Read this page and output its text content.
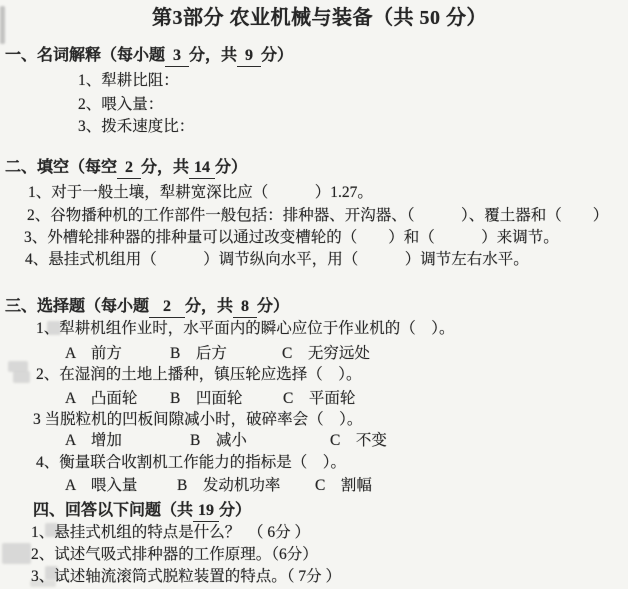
第3部分 农业机械与装备（共 50 分）
一、名词解释（每小题 3 分，共 9 分）
1、犁耕比阻：
2、喂入量：
3、拨禾速度比：
二、填空（每空 2 分，共 14 分）
1、对于一般土壤，犁耕宽深比应（　　　）1.27。
2、谷物播种机的工作部件一般包括：排种器、开沟器、（　　　）、覆土器和（　　）
3、外槽轮排种器的排种量可以通过改变槽轮的（　　）和（　　　）来调节。
4、悬挂式机组用（　　　）调节纵向水平，用（　　　）调节左右水平。
三、选择题（每小题 2 分，共 8 分）
1、犁耕机组作业时，水平面内的瞬心应位于作业机的（　）。
A　前方	B　后方	C　无穷远处
2、在湿润的土地上播种，镇压轮应选择（　）。
A　凸面轮 B　凹面轮	C　平面轮
3 当脱粒机的凹板间隙减小时，破碎率会（　）。
A　增加	B　减小	C　不变
4、衡量联合收割机工作能力的指标是（　）。
A　喂入量	B　发动机功率 C　割幅
四、回答以下问题（共 19 分）
1、悬挂式机组的特点是什么？　（ 6分 ）
2、试述气吸式排种器的工作原理。（6分）
3、试述轴流滚筒式脱粒装置的特点。（ 7分 ）
